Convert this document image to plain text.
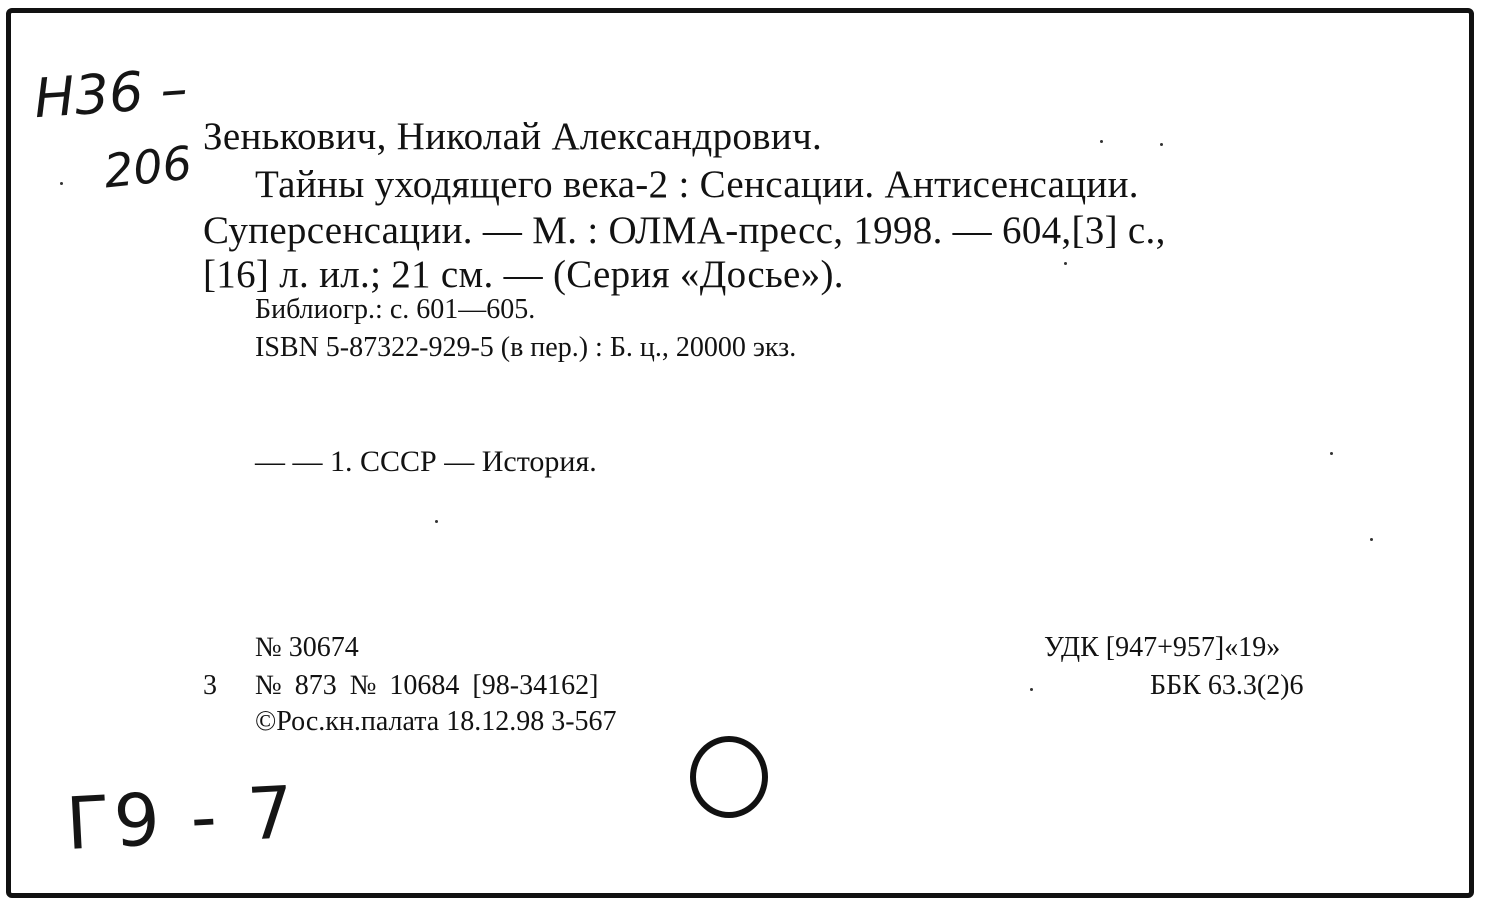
Н36 –
206 Зенькович, Николай Александрович.
Тайны уходящего века-2 : Сенсации. Антисенсации.
Суперсенсации. — М. : ОЛМА-пресс, 1998. — 604,[3] с.,
[16] л. ил.; 21 см. — (Серия «Досье»).
Библиогр.: с. 601—605.
ISBN 5-87322-929-5 (в пер.) : Б. ц., 20000 экз.
— — 1. СССР — История.
№ 30674
3 № 873 № 10684 [98-34162]
©Рос.кн.палата 18.12.98 3-567
УДК [947+957]«19»
ББК 63.3(2)6
Г9 - 7
